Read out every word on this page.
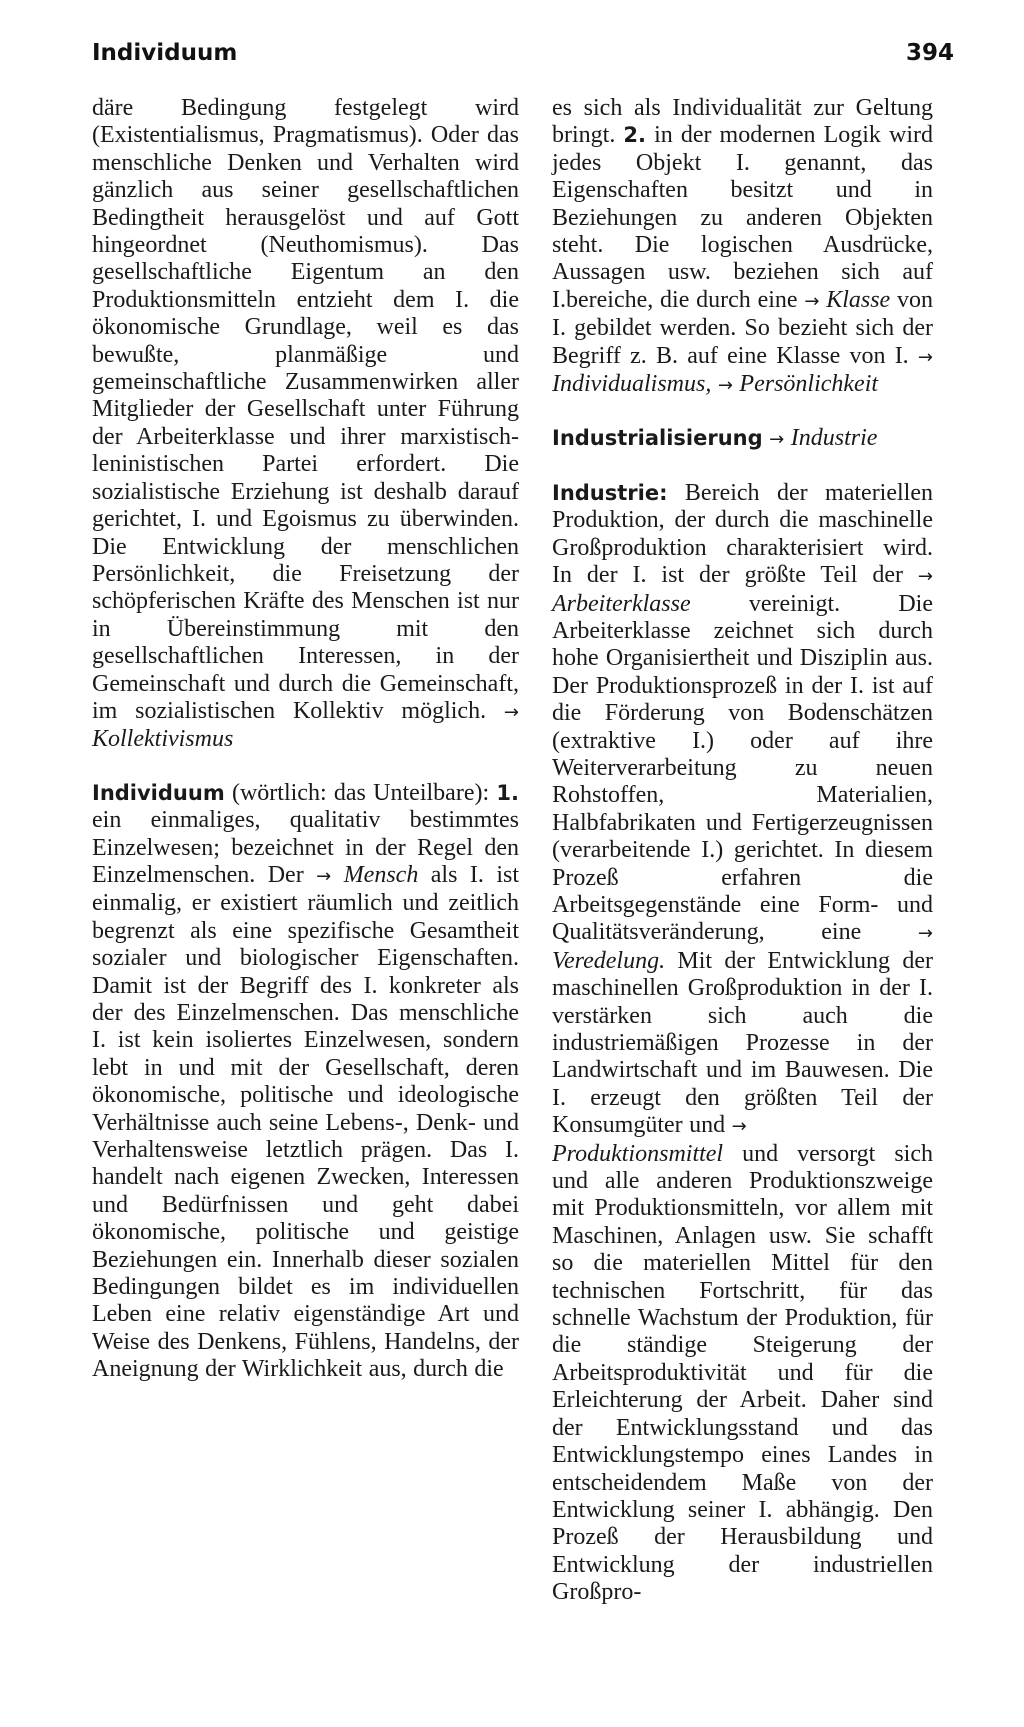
Individuum	394

däre Bedingung festgelegt wird (Existentialismus, Pragmatismus). Oder das menschliche Denken und Verhalten wird gänzlich aus seiner gesellschaftlichen Bedingtheit herausgelöst und auf Gott hingeordnet (Neuthomismus). Das gesellschaftliche Eigentum an den Produktionsmitteln entzieht dem I. die ökonomische Grundlage, weil es das bewußte, planmäßige und gemeinschaftliche Zusammenwirken aller Mitglieder der Gesellschaft unter Führung der Arbeiterklasse und ihrer marxistisch-leninistischen Partei erfordert. Die sozialistische Erziehung ist deshalb darauf gerichtet, I. und Egoismus zu überwinden. Die Entwicklung der menschlichen Persönlichkeit, die Freisetzung der schöpferischen Kräfte des Menschen ist nur in Übereinstimmung mit den gesellschaftlichen Interessen, in der Gemeinschaft und durch die Gemeinschaft, im sozialistischen Kollektiv möglich. → Kollektivismus

Individuum (wörtlich: das Unteilbare): 1. ein einmaliges, qualitativ bestimmtes Einzelwesen; bezeichnet in der Regel den Einzelmenschen. Der → Mensch als I. ist einmalig, er existiert räumlich und zeitlich begrenzt als eine spezifische Gesamtheit sozialer und biologischer Eigenschaften. Damit ist der Begriff des I. konkreter als der des Einzelmenschen. Das menschliche I. ist kein isoliertes Einzelwesen, sondern lebt in und mit der Gesellschaft, deren ökonomische, politische und ideologische Verhältnisse auch seine Lebens-, Denk- und Verhaltensweise letztlich prägen. Das I. handelt nach eigenen Zwecken, Interessen und Bedürfnissen und geht dabei ökonomische, politische und geistige Beziehungen ein. Innerhalb dieser sozialen Bedingungen bildet es im individuellen Leben eine relativ eigenständige Art und Weise des Denkens, Fühlens, Handelns, der Aneignung der Wirklichkeit aus, durch die

es sich als Individualität zur Geltung bringt. 2. in der modernen Logik wird jedes Objekt I. genannt, das Eigenschaften besitzt und in Beziehungen zu anderen Objekten steht. Die logischen Ausdrücke, Aussagen usw. beziehen sich auf I.bereiche, die durch eine → Klasse von I. gebildet werden. So bezieht sich der Begriff z. B. auf eine Klasse von I. → Individualismus, → Persönlichkeit

Industrialisierung → Industrie

Industrie: Bereich der materiellen Produktion, der durch die maschinelle Großproduktion charakterisiert wird. In der I. ist der größte Teil der → Arbeiterklasse vereinigt. Die Arbeiterklasse zeichnet sich durch hohe Organisiertheit und Disziplin aus. Der Produktionsprozeß in der I. ist auf die Förderung von Bodenschätzen (extraktive I.) oder auf ihre Weiterverarbeitung zu neuen Rohstoffen, Materialien, Halbfabrikaten und Fertigerzeugnissen (verarbeitende I.) gerichtet. In diesem Prozeß erfahren die Arbeitsgegenstände eine Form- und Qualitätsveränderung, eine → Veredelung. Mit der Entwicklung der maschinellen Großproduktion in der I. verstärken sich auch die industriemäßigen Prozesse in der Landwirtschaft und im Bauwesen. Die I. erzeugt den größten Teil der Konsumgüter und →
Produktionsmittel und versorgt sich und alle anderen Produktionszweige mit Produktionsmitteln, vor allem mit Maschinen, Anlagen usw. Sie schafft so die materiellen Mittel für den technischen Fortschritt, für das schnelle Wachstum der Produktion, für die ständige Steigerung der Arbeitsproduktivität und für die Erleichterung der Arbeit. Daher sind der Entwicklungsstand und das Entwicklungstempo eines Landes in entscheidendem Maße von der Entwicklung seiner I. abhängig. Den Prozeß der Herausbildung und Entwicklung der industriellen Großpro-
